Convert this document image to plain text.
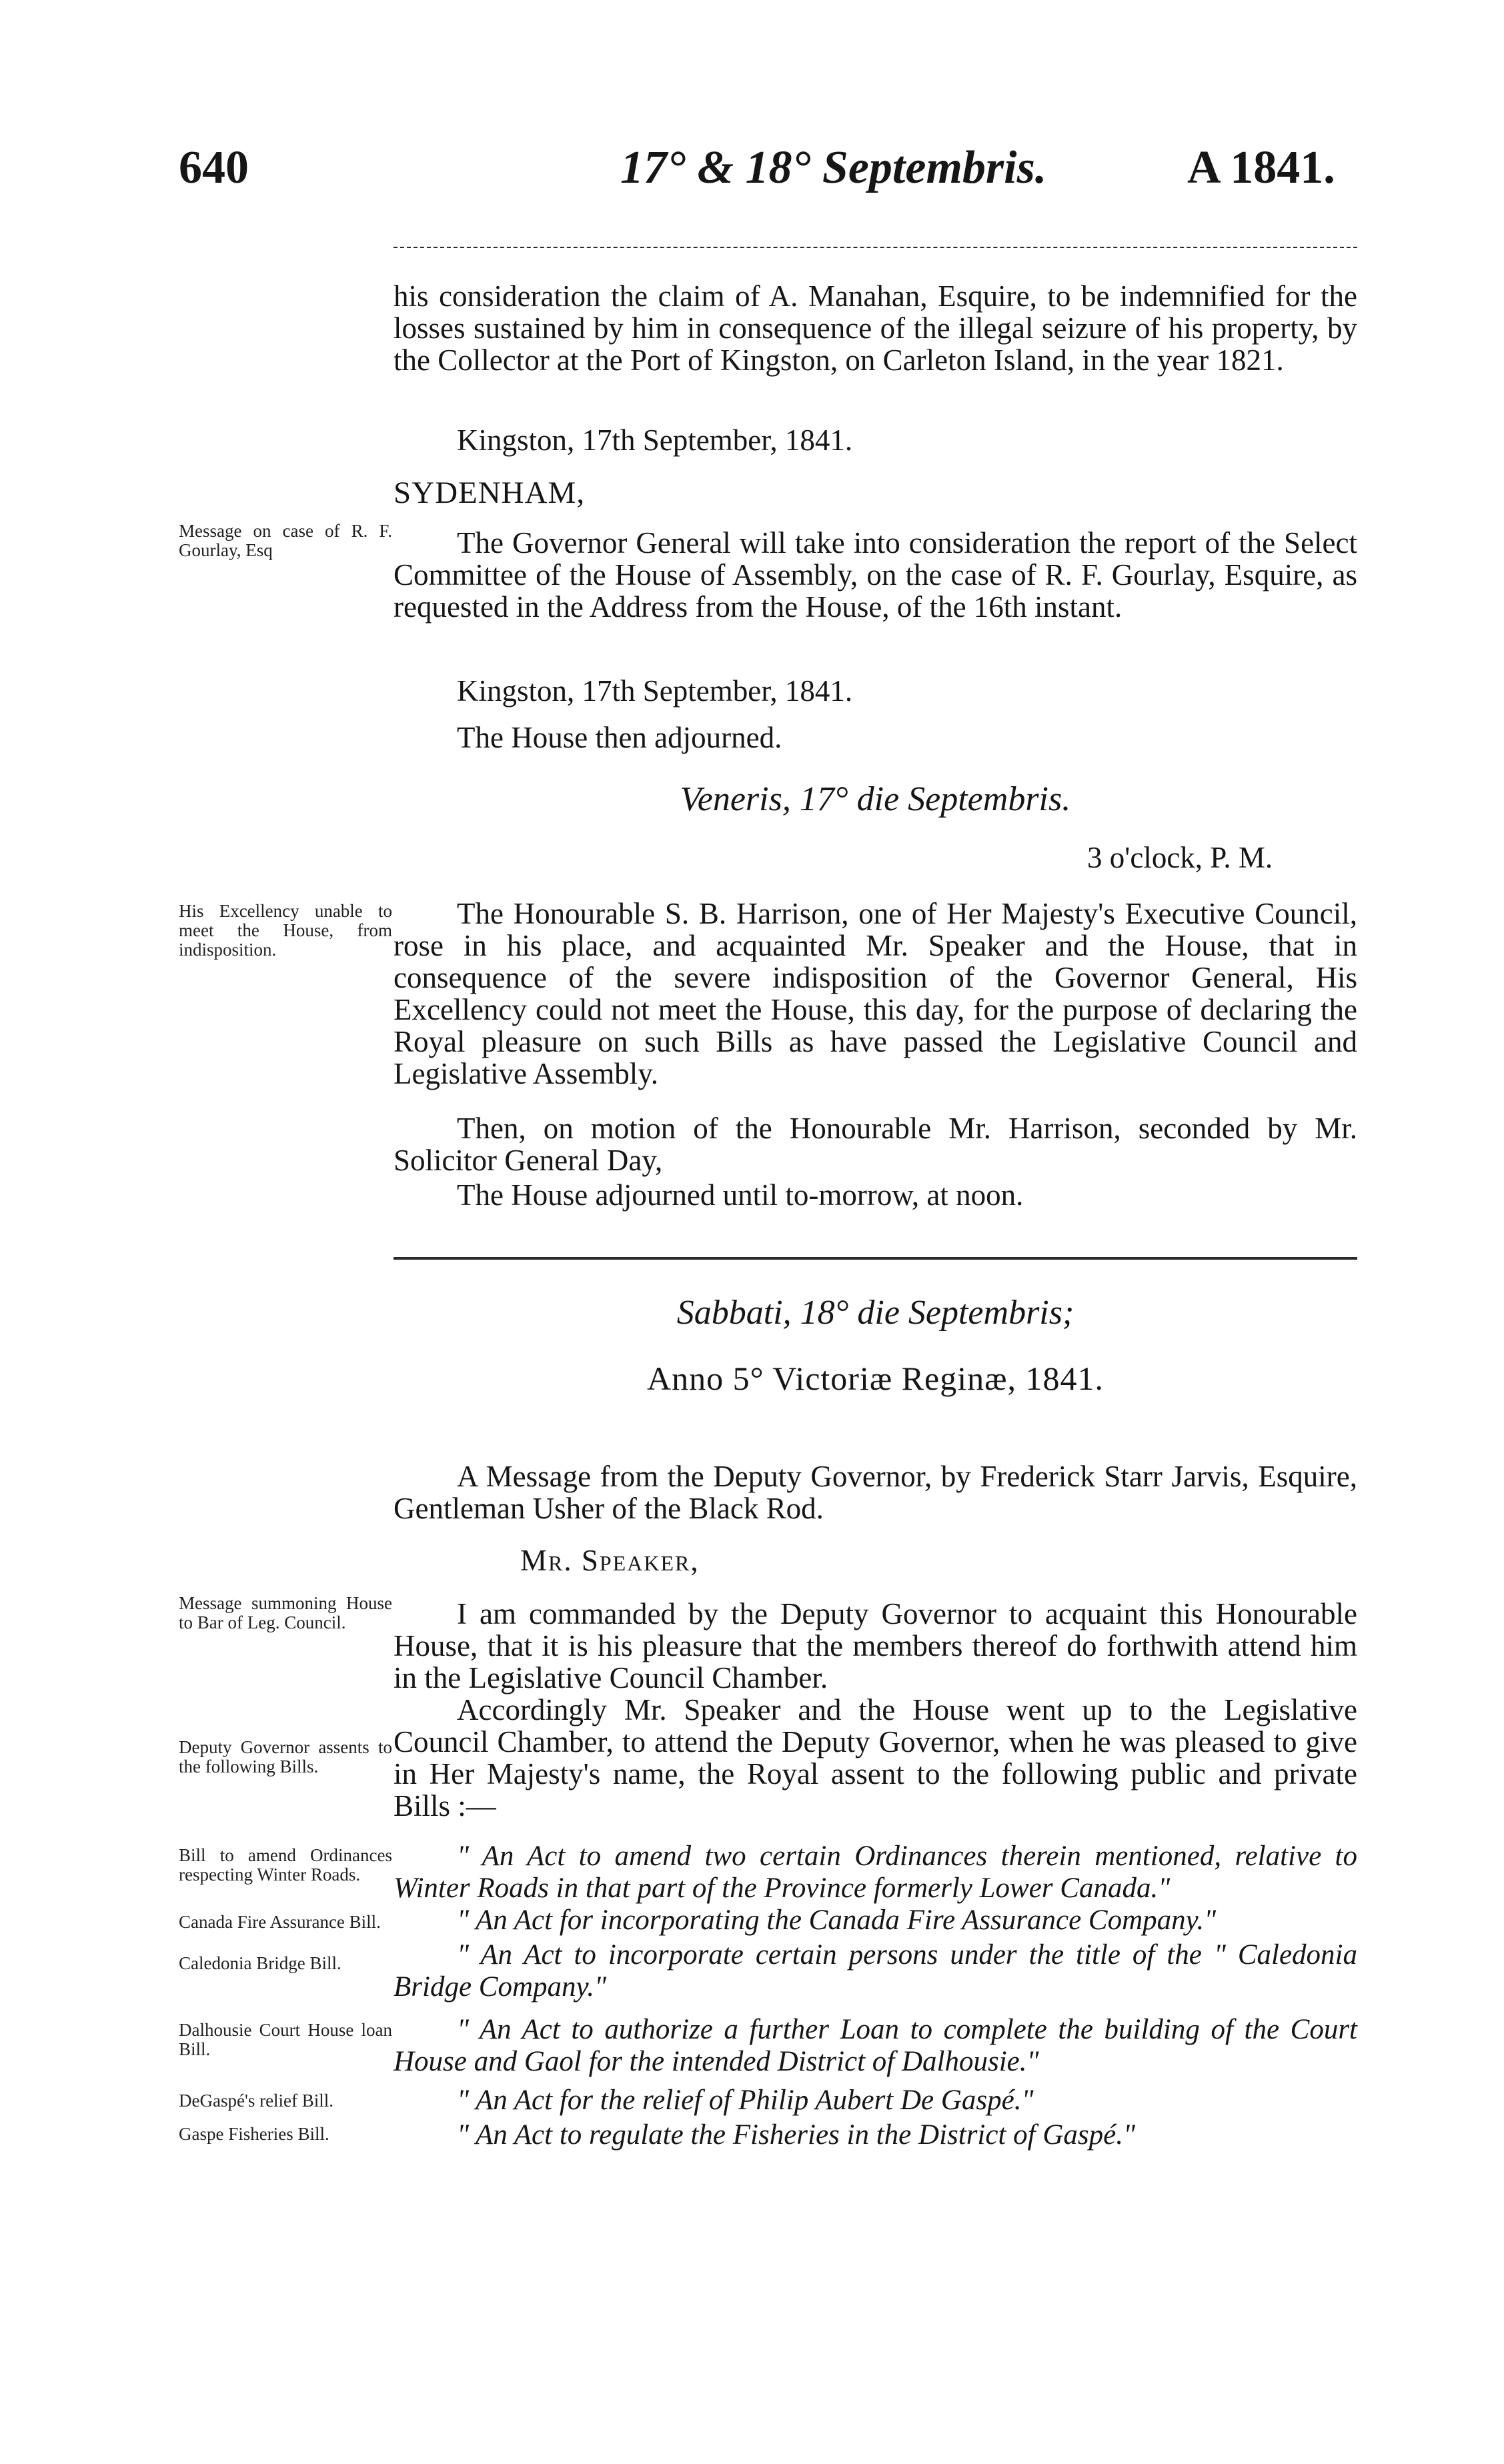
640	17° & 18° Septembris.	A 1841.
his consideration the claim of A. Manahan, Esquire, to be indemnified for the losses sustained by him in consequence of the illegal seizure of his property, by the Collector at the Port of Kingston, on Carleton Island, in the year 1821.
Kingston, 17th September, 1841.
SYDENHAM,
Message on case of R. F. Gourlay, Esq	The Governor General will take into consideration the report of the Select Committee of the House of Assembly, on the case of R. F. Gourlay, Esquire, as requested in the Address from the House, of the 16th instant.
Kingston, 17th September, 1841.
The House then adjourned.
Veneris, 17° die Septembris.
3 o'clock, P. M.
His Excellency unable to meet the House, from indisposition.
The Honourable S. B. Harrison, one of Her Majesty's Executive Council, rose in his place, and acquainted Mr. Speaker and the House, that in consequence of the severe indisposition of the Governor General, His Excellency could not meet the House, this day, for the purpose of declaring the Royal pleasure on such Bills as have passed the Legislative Council and Legislative Assembly.
Then, on motion of the Honourable Mr. Harrison, seconded by Mr. Solicitor General Day,
The House adjourned until to-morrow, at noon.
Sabbati, 18° die Septembris;
Anno 5° Victoriæ Reginæ, 1841.
A Message from the Deputy Governor, by Frederick Starr Jarvis, Esquire, Gentleman Usher of the Black Rod.
Mr. Speaker,
Message summoning House to Bar of Leg. Council.	I am commanded by the Deputy Governor to acquaint this Honourable House, that it is his pleasure that the members thereof do forthwith attend him in the Legislative Council Chamber.
Deputy Governor assents to the following Bills.
Accordingly Mr. Speaker and the House went up to the Legislative Council Chamber, to attend the Deputy Governor, when he was pleased to give in Her Majesty's name, the Royal assent to the following public and private Bills :—
Bill to amend Ordinances respecting Winter Roads.
" An Act to amend two certain Ordinances therein mentioned, relative to Winter Roads in that part of the Province formerly Lower Canada."
Canada Fire Assurance Bill.	" An Act for incorporating the Canada Fire Assurance Company."
Caledonia Bridge Bill.	" An Act to incorporate certain persons under the title of the " Caledonia Bridge Company."
Dalhousie Court House loan Bill.
" An Act to authorize a further Loan to complete the building of the Court House and Gaol for the intended District of Dalhousie."
DeGaspé's relief Bill.	" An Act for the relief of Philip Aubert De Gaspé."
Gaspe Fisheries Bill.	" An Act to regulate the Fisheries in the District of Gaspé."
